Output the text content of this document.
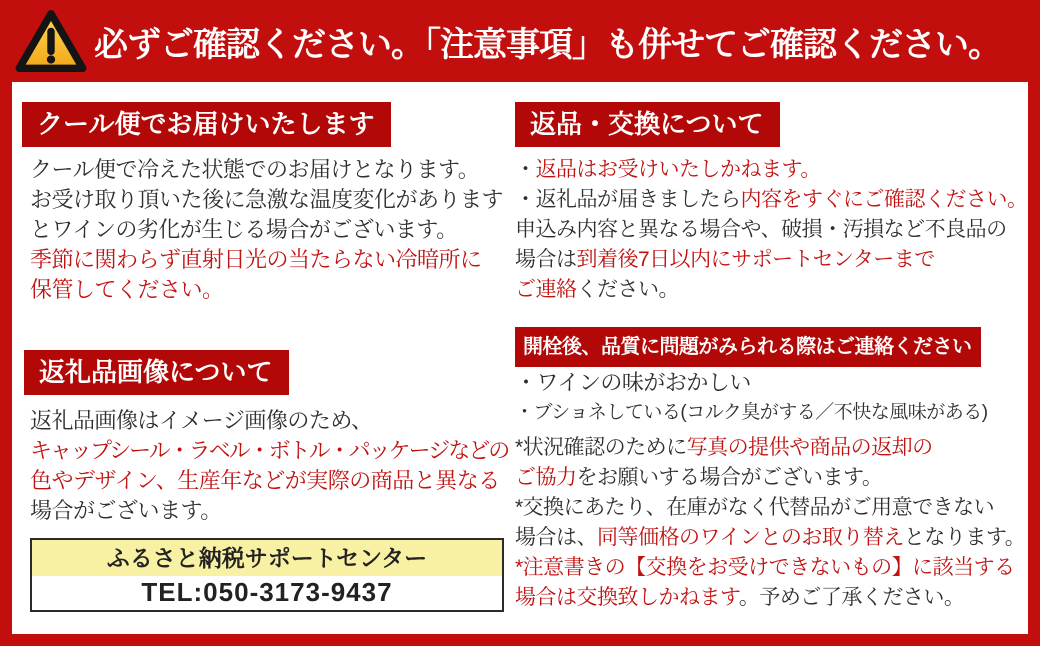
必ずご確認ください。「注意事項」も併せてご確認ください。
クール便でお届けいたします
クール便で冷えた状態でのお届けとなります。
お受け取り頂いた後に急激な温度変化があります
とワインの劣化が生じる場合がございます。
季節に関わらず直射日光の当たらない冷暗所に
保管してください。
返礼品画像について
返礼品画像はイメージ画像のため、
キャップシール・ラベル・ボトル・パッケージなどの
色やデザイン、生産年などが実際の商品と異なる
場合がございます。
ふるさと納税サポートセンター
TEL:050-3173-9437
返品・交換について
・返品はお受けいたしかねます。
・返礼品が届きましたら内容をすぐにご確認ください。
申込み内容と異なる場合や、破損・汚損など不良品の
場合は到着後7日以内にサポートセンターまで
ご連絡ください。
開栓後、品質に問題がみられる際はご連絡ください
・ワインの味がおかしい
・ブショネしている(コルク臭がする／不快な風味がある)
*状況確認のために写真の提供や商品の返却の
ご協力をお願いする場合がございます。
*交換にあたり、在庫がなく代替品がご用意できない
場合は、同等価格のワインとのお取り替えとなります。
*注意書きの【交換をお受けできないもの】に該当する
場合は交換致しかねます。予めご了承ください。
